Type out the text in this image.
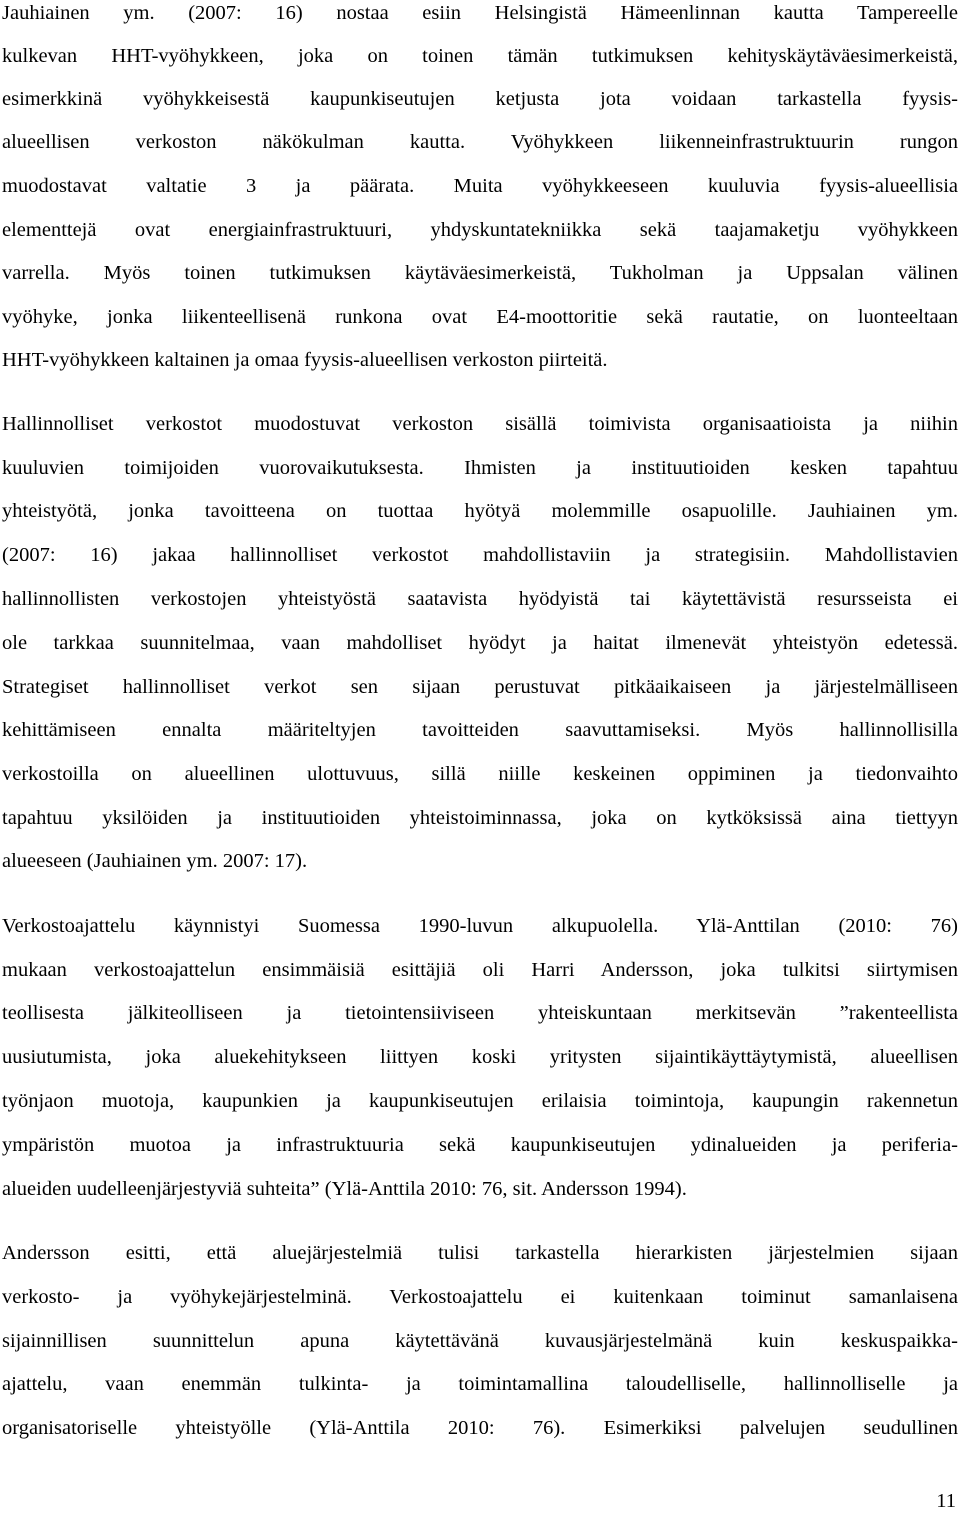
Jauhiainen ym. (2007: 16) nostaa esiin Helsingistä Hämeenlinnan kautta Tampereelle
kulkevan HHT-vyöhykkeen, joka on toinen tämän tutkimuksen kehityskäytäväesimerkeistä,
esimerkkinä vyöhykkeisestä kaupunkiseutujen ketjusta jota voidaan tarkastella fyysis-
alueellisen verkoston näkökulman kautta. Vyöhykkeen liikenneinfrastruktuurin rungon
muodostavat valtatie 3 ja päärata. Muita vyöhykkeeseen kuuluvia fyysis-alueellisia
elementtejä ovat energiainfrastruktuuri, yhdyskuntatekniikka sekä taajamaketju vyöhykkeen
varrella. Myös toinen tutkimuksen käytäväesimerkeistä, Tukholman ja Uppsalan välinen
vyöhyke, jonka liikenteellisenä runkona ovat E4-moottoritie sekä rautatie, on luonteeltaan
HHT-vyöhykkeen kaltainen ja omaa fyysis-alueellisen verkoston piirteitä.
Hallinnolliset verkostot muodostuvat verkoston sisällä toimivista organisaatioista ja niihin
kuuluvien toimijoiden vuorovaikutuksesta. Ihmisten ja instituutioiden kesken tapahtuu
yhteistyötä, jonka tavoitteena on tuottaa hyötyä molemmille osapuolille. Jauhiainen ym.
(2007: 16) jakaa hallinnolliset verkostot mahdollistaviin ja strategisiin. Mahdollistavien
hallinnollisten verkostojen yhteistyöstä saatavista hyödyistä tai käytettävistä resursseista ei
ole tarkkaa suunnitelmaa, vaan mahdolliset hyödyt ja haitat ilmenevät yhteistyön edetessä.
Strategiset hallinnolliset verkot sen sijaan perustuvat pitkäaikaiseen ja järjestelmälliseen
kehittämiseen ennalta määriteltyjen tavoitteiden saavuttamiseksi. Myös hallinnollisilla
verkostoilla on alueellinen ulottuvuus, sillä niille keskeinen oppiminen ja tiedonvaihto
tapahtuu yksilöiden ja instituutioiden yhteistoiminnassa, joka on kytköksissä aina tiettyyn
alueeseen (Jauhiainen ym. 2007: 17).
Verkostoajattelu käynnistyi Suomessa 1990-luvun alkupuolella. Ylä-Anttilan (2010: 76)
mukaan verkostoajattelun ensimmäisiä esittäjiä oli Harri Andersson, joka tulkitsi siirtymisen
teollisesta jälkiteolliseen ja tietointensiiviseen yhteiskuntaan merkitsevän ”rakenteellista
uusiutumista, joka aluekehitykseen liittyen koski yritysten sijaintikäyttäytymistä, alueellisen
työnjaon muotoja, kaupunkien ja kaupunkiseutujen erilaisia toimintoja, kaupungin rakennetun
ympäristön muotoa ja infrastruktuuria sekä kaupunkiseutujen ydinalueiden ja periferia-
alueiden uudelleenjärjestyviä suhteita” (Ylä-Anttila 2010: 76, sit. Andersson 1994).
Andersson esitti, että aluejärjestelmiä tulisi tarkastella hierarkisten järjestelmien sijaan
verkosto- ja vyöhykejärjestelminä. Verkostoajattelu ei kuitenkaan toiminut samanlaisena
sijainnillisen suunnittelun apuna käytettävänä kuvausjärjestelmänä kuin keskuspaikka-
ajattelu, vaan enemmän tulkinta- ja toimintamallina taloudelliselle, hallinnolliselle ja
organisatoriselle yhteistyölle (Ylä-Anttila 2010: 76). Esimerkiksi palvelujen seudullinen
11
